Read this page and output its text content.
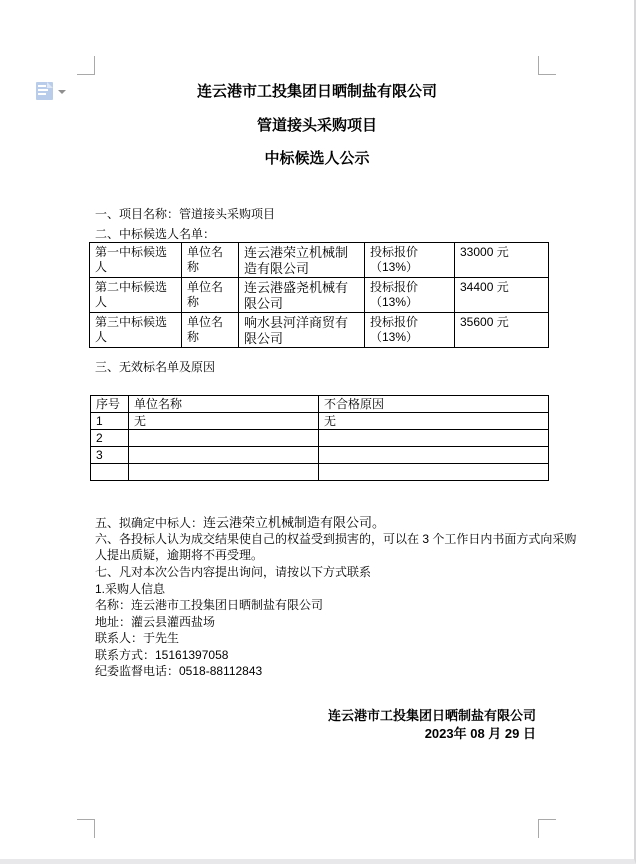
连云港市工投集团日晒制盐有限公司
管道接头采购项目
中标候选人公示
一、项目名称：管道接头采购项目
二、中标候选人名单：
第一中标候选人	单位名称	连云港荣立机械制造有限公司	投标报价（13%）	33000 元
第二中标候选人	单位名称	连云港盛尧机械有限公司	投标报价（13%）	34400 元
第三中标候选人	单位名称	响水县河洋商贸有限公司	投标报价（13%）	35600 元
三、无效标名单及原因
序号	单位名称	不合格原因
1	无	无
2		
3		

五、拟确定中标人：连云港荣立机械制造有限公司。
六、各投标人认为成交结果使自己的权益受到损害的，可以在 3 个工作日内书面方式向采购
人提出质疑，逾期将不再受理。
七、凡对本次公告内容提出询问，请按以下方式联系
1.采购人信息
名称：连云港市工投集团日晒制盐有限公司
地址：灌云县灌西盐场
联系人：于先生
联系方式：15161397058
纪委监督电话：0518-88112843
连云港市工投集团日晒制盐有限公司
2023年 08 月 29 日
